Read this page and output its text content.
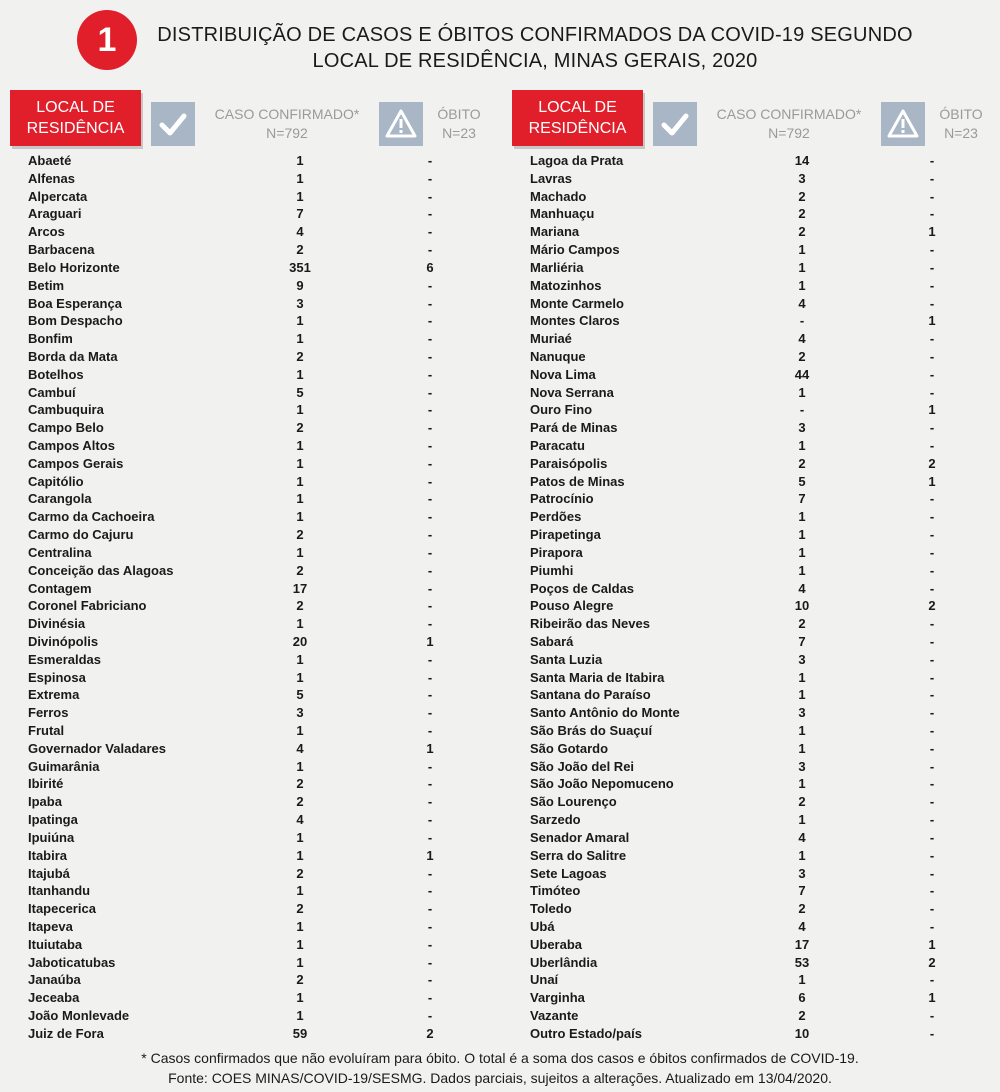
1	DISTRIBUIÇÃO DE CASOS E ÓBITOS CONFIRMADOS DA COVID-19 SEGUNDO
LOCAL DE RESIDÊNCIA, MINAS GERAIS, 2020
LOCAL DE
RESIDÊNCIA
CASO CONFIRMADO*
N=792
ÓBITO
N=23
Abaeté	1	-
Alfenas	1	-
Alpercata	1	-
Araguari	7	-
Arcos	4	-
Barbacena	2	-
Belo Horizonte	351	6
Betim	9	-
Boa Esperança	3	-
Bom Despacho	1	-
Bonfim	1	-
Borda da Mata	2	-
Botelhos	1	-
Cambuí	5	-
Cambuquira	1	-
Campo Belo	2	-
Campos Altos	1	-
Campos Gerais	1	-
Capitólio	1	-
Carangola	1	-
Carmo da Cachoeira	1	-
Carmo do Cajuru	2	-
Centralina	1	-
Conceição das Alagoas	2	-
Contagem	17	-
Coronel Fabriciano	2	-
Divinésia	1	-
Divinópolis	20	1
Esmeraldas	1	-
Espinosa	1	-
Extrema	5	-
Ferros	3	-
Frutal	1	-
Governador Valadares	4	1
Guimarânia	1	-
Ibirité	2	-
Ipaba	2	-
Ipatinga	4	-
Ipuiúna	1	-
Itabira	1	1
Itajubá	2	-
Itanhandu	1	-
Itapecerica	2	-
Itapeva	1	-
Ituiutaba	1	-
Jaboticatubas	1	-
Janaúba	2	-
Jeceaba	1	-
João Monlevade	1	-
Juiz de Fora	59	2
LOCAL DE
RESIDÊNCIA
CASO CONFIRMADO*
N=792
ÓBITO
N=23
Lagoa da Prata	14	-
Lavras	3	-
Machado	2	-
Manhuaçu	2	-
Mariana	2	1
Mário Campos	1	-
Marliéria	1	-
Matozinhos	1	-
Monte Carmelo	4	-
Montes Claros	-	1
Muriaé	4	-
Nanuque	2	-
Nova Lima	44	-
Nova Serrana	1	-
Ouro Fino	-	1
Pará de Minas	3	-
Paracatu	1	-
Paraisópolis	2	2
Patos de Minas	5	1
Patrocínio	7	-
Perdões	1	-
Pirapetinga	1	-
Pirapora	1	-
Piumhi	1	-
Poços de Caldas	4	-
Pouso Alegre	10	2
Ribeirão das Neves	2	-
Sabará	7	-
Santa Luzia	3	-
Santa Maria de Itabira	1	-
Santana do Paraíso	1	-
Santo Antônio do Monte	3	-
São Brás do Suaçuí	1	-
São Gotardo	1	-
São João del Rei	3	-
São João Nepomuceno	1	-
São Lourenço	2	-
Sarzedo	1	-
Senador Amaral	4	-
Serra do Salitre	1	-
Sete Lagoas	3	-
Timóteo	7	-
Toledo	2	-
Ubá	4	-
Uberaba	17	1
Uberlândia	53	2
Unaí	1	-
Varginha	6	1
Vazante	2	-
Outro Estado/país	10	-
* Casos confirmados que não evoluíram para óbito. O total é a soma dos casos e óbitos confirmados de COVID-19.
Fonte: COES MINAS/COVID-19/SESMG. Dados parciais, sujeitos a alterações. Atualizado em 13/04/2020.
